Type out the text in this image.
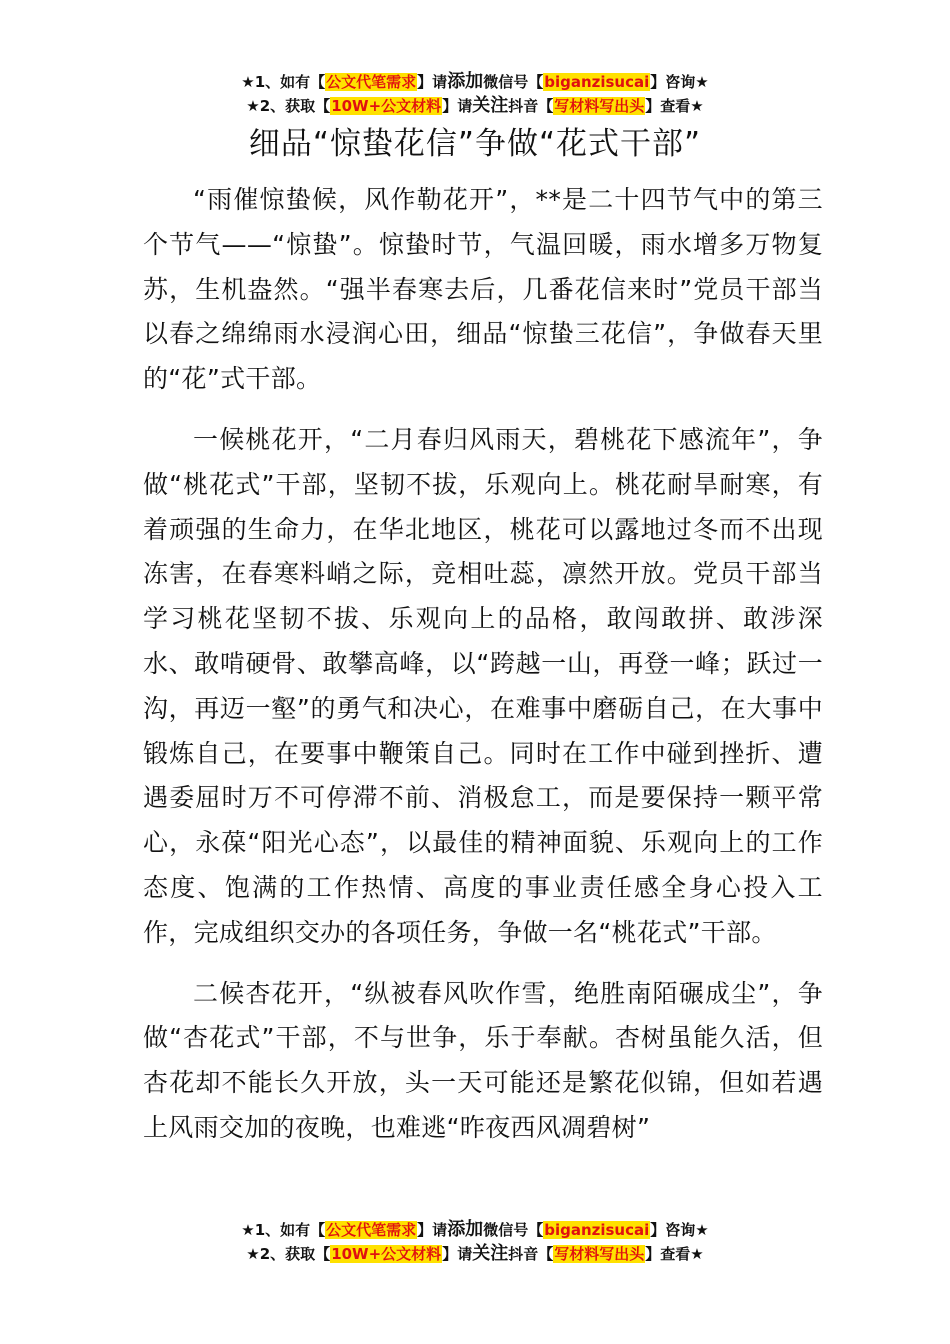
★1、如有【公文代笔需求】请添加微信号【biganzisucai】咨询★
★2、获取【10W+公文材料】请关注抖音【写材料写出头】查看★
细品“惊蛰花信”争做“花式干部”

“雨催惊蛰候，风作勒花开”，**是二十四节气中的第三个节气——“惊蛰”。惊蛰时节，气温回暖，雨水增多万物复苏，生机盎然。“强半春寒去后，几番花信来时”党员干部当以春之绵绵雨水浸润心田，细品“惊蛰三花信”，争做春天里的“花”式干部。

一候桃花开，“二月春归风雨天，碧桃花下感流年”，争做“桃花式”干部，坚韧不拔，乐观向上。桃花耐旱耐寒，有着顽强的生命力，在华北地区，桃花可以露地过冬而不出现冻害，在春寒料峭之际，竞相吐蕊，凛然开放。党员干部当学习桃花坚韧不拔、乐观向上的品格，敢闯敢拼、敢涉深水、敢啃硬骨、敢攀高峰，以“跨越一山，再登一峰；跃过一沟，再迈一壑”的勇气和决心，在难事中磨砺自己，在大事中锻炼自己，在要事中鞭策自己。同时在工作中碰到挫折、遭遇委屈时万不可停滞不前、消极怠工，而是要保持一颗平常心，永葆“阳光心态”，以最佳的精神面貌、乐观向上的工作态度、饱满的工作热情、高度的事业责任感全身心投入工作，完成组织交办的各项任务，争做一名“桃花式”干部。

二候杏花开，“纵被春风吹作雪，绝胜南陌碾成尘”，争做“杏花式”干部，不与世争，乐于奉献。杏树虽能久活，但杏花却不能长久开放，头一天可能还是繁花似锦，但如若遇上风雨交加的夜晚，也难逃“昨夜西风凋碧树”

★1、如有【公文代笔需求】请添加微信号【biganzisucai】咨询★
★2、获取【10W+公文材料】请关注抖音【写材料写出头】查看★
